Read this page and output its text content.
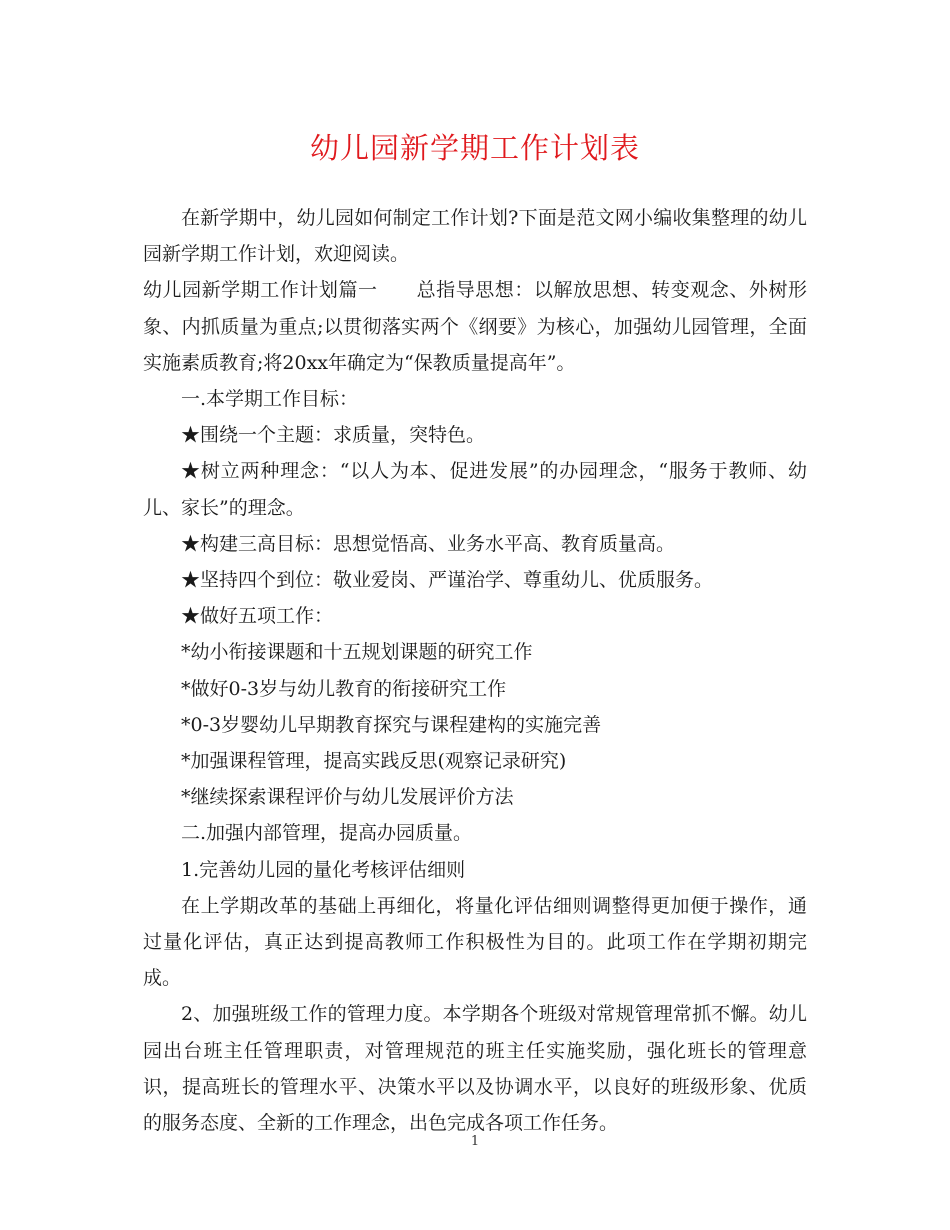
幼儿园新学期工作计划表

在新学期中，幼儿园如何制定工作计划?下面是范文网小编收集整理的幼儿园新学期工作计划，欢迎阅读。

幼儿园新学期工作计划篇一　　总指导思想：以解放思想、转变观念、外树形象、内抓质量为重点;以贯彻落实两个《纲要》为核心，加强幼儿园管理，全面实施素质教育;将20xx年确定为“保教质量提高年”。

一.本学期工作目标：

★围绕一个主题：求质量，突特色。

★树立两种理念：“以人为本、促进发展”的办园理念，“服务于教师、幼儿、家长”的理念。

★构建三高目标：思想觉悟高、业务水平高、教育质量高。

★坚持四个到位：敬业爱岗、严谨治学、尊重幼儿、优质服务。

★做好五项工作：

*幼小衔接课题和十五规划课题的研究工作

*做好0-3岁与幼儿教育的衔接研究工作

*0-3岁婴幼儿早期教育探究与课程建构的实施完善

*加强课程管理，提高实践反思(观察记录研究)

*继续探索课程评价与幼儿发展评价方法

二.加强内部管理，提高办园质量。

1.完善幼儿园的量化考核评估细则

在上学期改革的基础上再细化，将量化评估细则调整得更加便于操作，通过量化评估，真正达到提高教师工作积极性为目的。此项工作在学期初期完成。

2、加强班级工作的管理力度。本学期各个班级对常规管理常抓不懈。幼儿园出台班主任管理职责，对管理规范的班主任实施奖励，强化班长的管理意识，提高班长的管理水平、决策水平以及协调水平，以良好的班级形象、优质的服务态度、全新的工作理念，出色完成各项工作任务。

1
